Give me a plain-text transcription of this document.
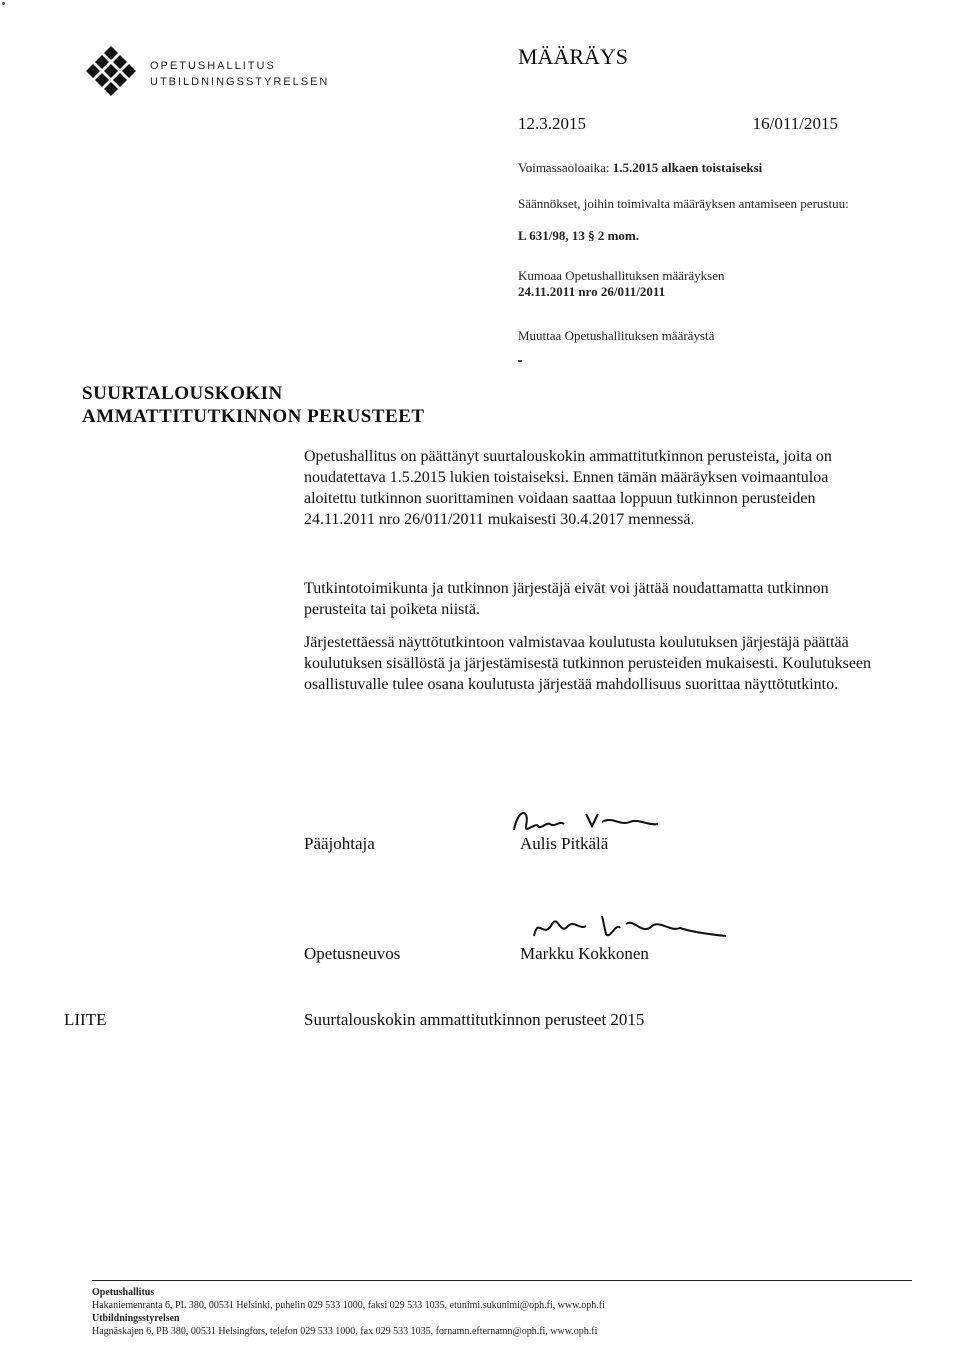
OPETUSHALLITUS
UTBILDNINGSSTYRELSEN
MÄÄRÄYS
12.3.2015	16/011/2015
Voimassaoloaika: 1.5.2015 alkaen toistaiseksi
Säännökset, joihin toimivalta määräyksen antamiseen perustuu:
L 631/98, 13 § 2 mom.
Kumoaa Opetushallituksen määräyksen
24.11.2011 nro 26/011/2011
Muuttaa Opetushallituksen määräystä
SUURTALOUSKOKIN
AMMATTITUTKINNON PERUSTEET
Opetushallitus on päättänyt suurtalouskokin ammattitutkinnon perusteista, joita on noudatettava 1.5.2015 lukien toistaiseksi. Ennen tämän määräyksen voimaantuloa aloitettu tutkinnon suorittaminen voidaan saattaa loppuun tutkinnon perusteiden 24.11.2011 nro 26/011/2011 mukaisesti 30.4.2017 mennessä.
Tutkintotoimikunta ja tutkinnon järjestäjä eivät voi jättää noudattamatta tutkinnon perusteita tai poiketa niistä.
Järjestettäessä näyttötutkintoon valmistavaa koulutusta koulutuksen järjestäjä päättää koulutuksen sisällöstä ja järjestämisestä tutkinnon perusteiden mukaisesti. Koulutukseen osallistuvalle tulee osana koulutusta järjestää mahdollisuus suorittaa näyttötutkinto.
Pääjohtaja	Aulis Pitkälä
Opetusneuvos	Markku Kokkonen
LIITE	Suurtalouskokin ammattitutkinnon perusteet 2015
Opetushallitus
Hakaniemenranta 6, PL 380, 00531 Helsinki, puhelin 029 533 1000, faksi 029 533 1035, etunimi.sukunimi@oph.fi, www.oph.fi
Utbildningsstyrelsen
Hagnäskajen 6, PB 380, 00531 Helsingfors, telefon 029 533 1000, fax 029 533 1035, fornamn.efternamn@oph.fi, www.oph.fi
